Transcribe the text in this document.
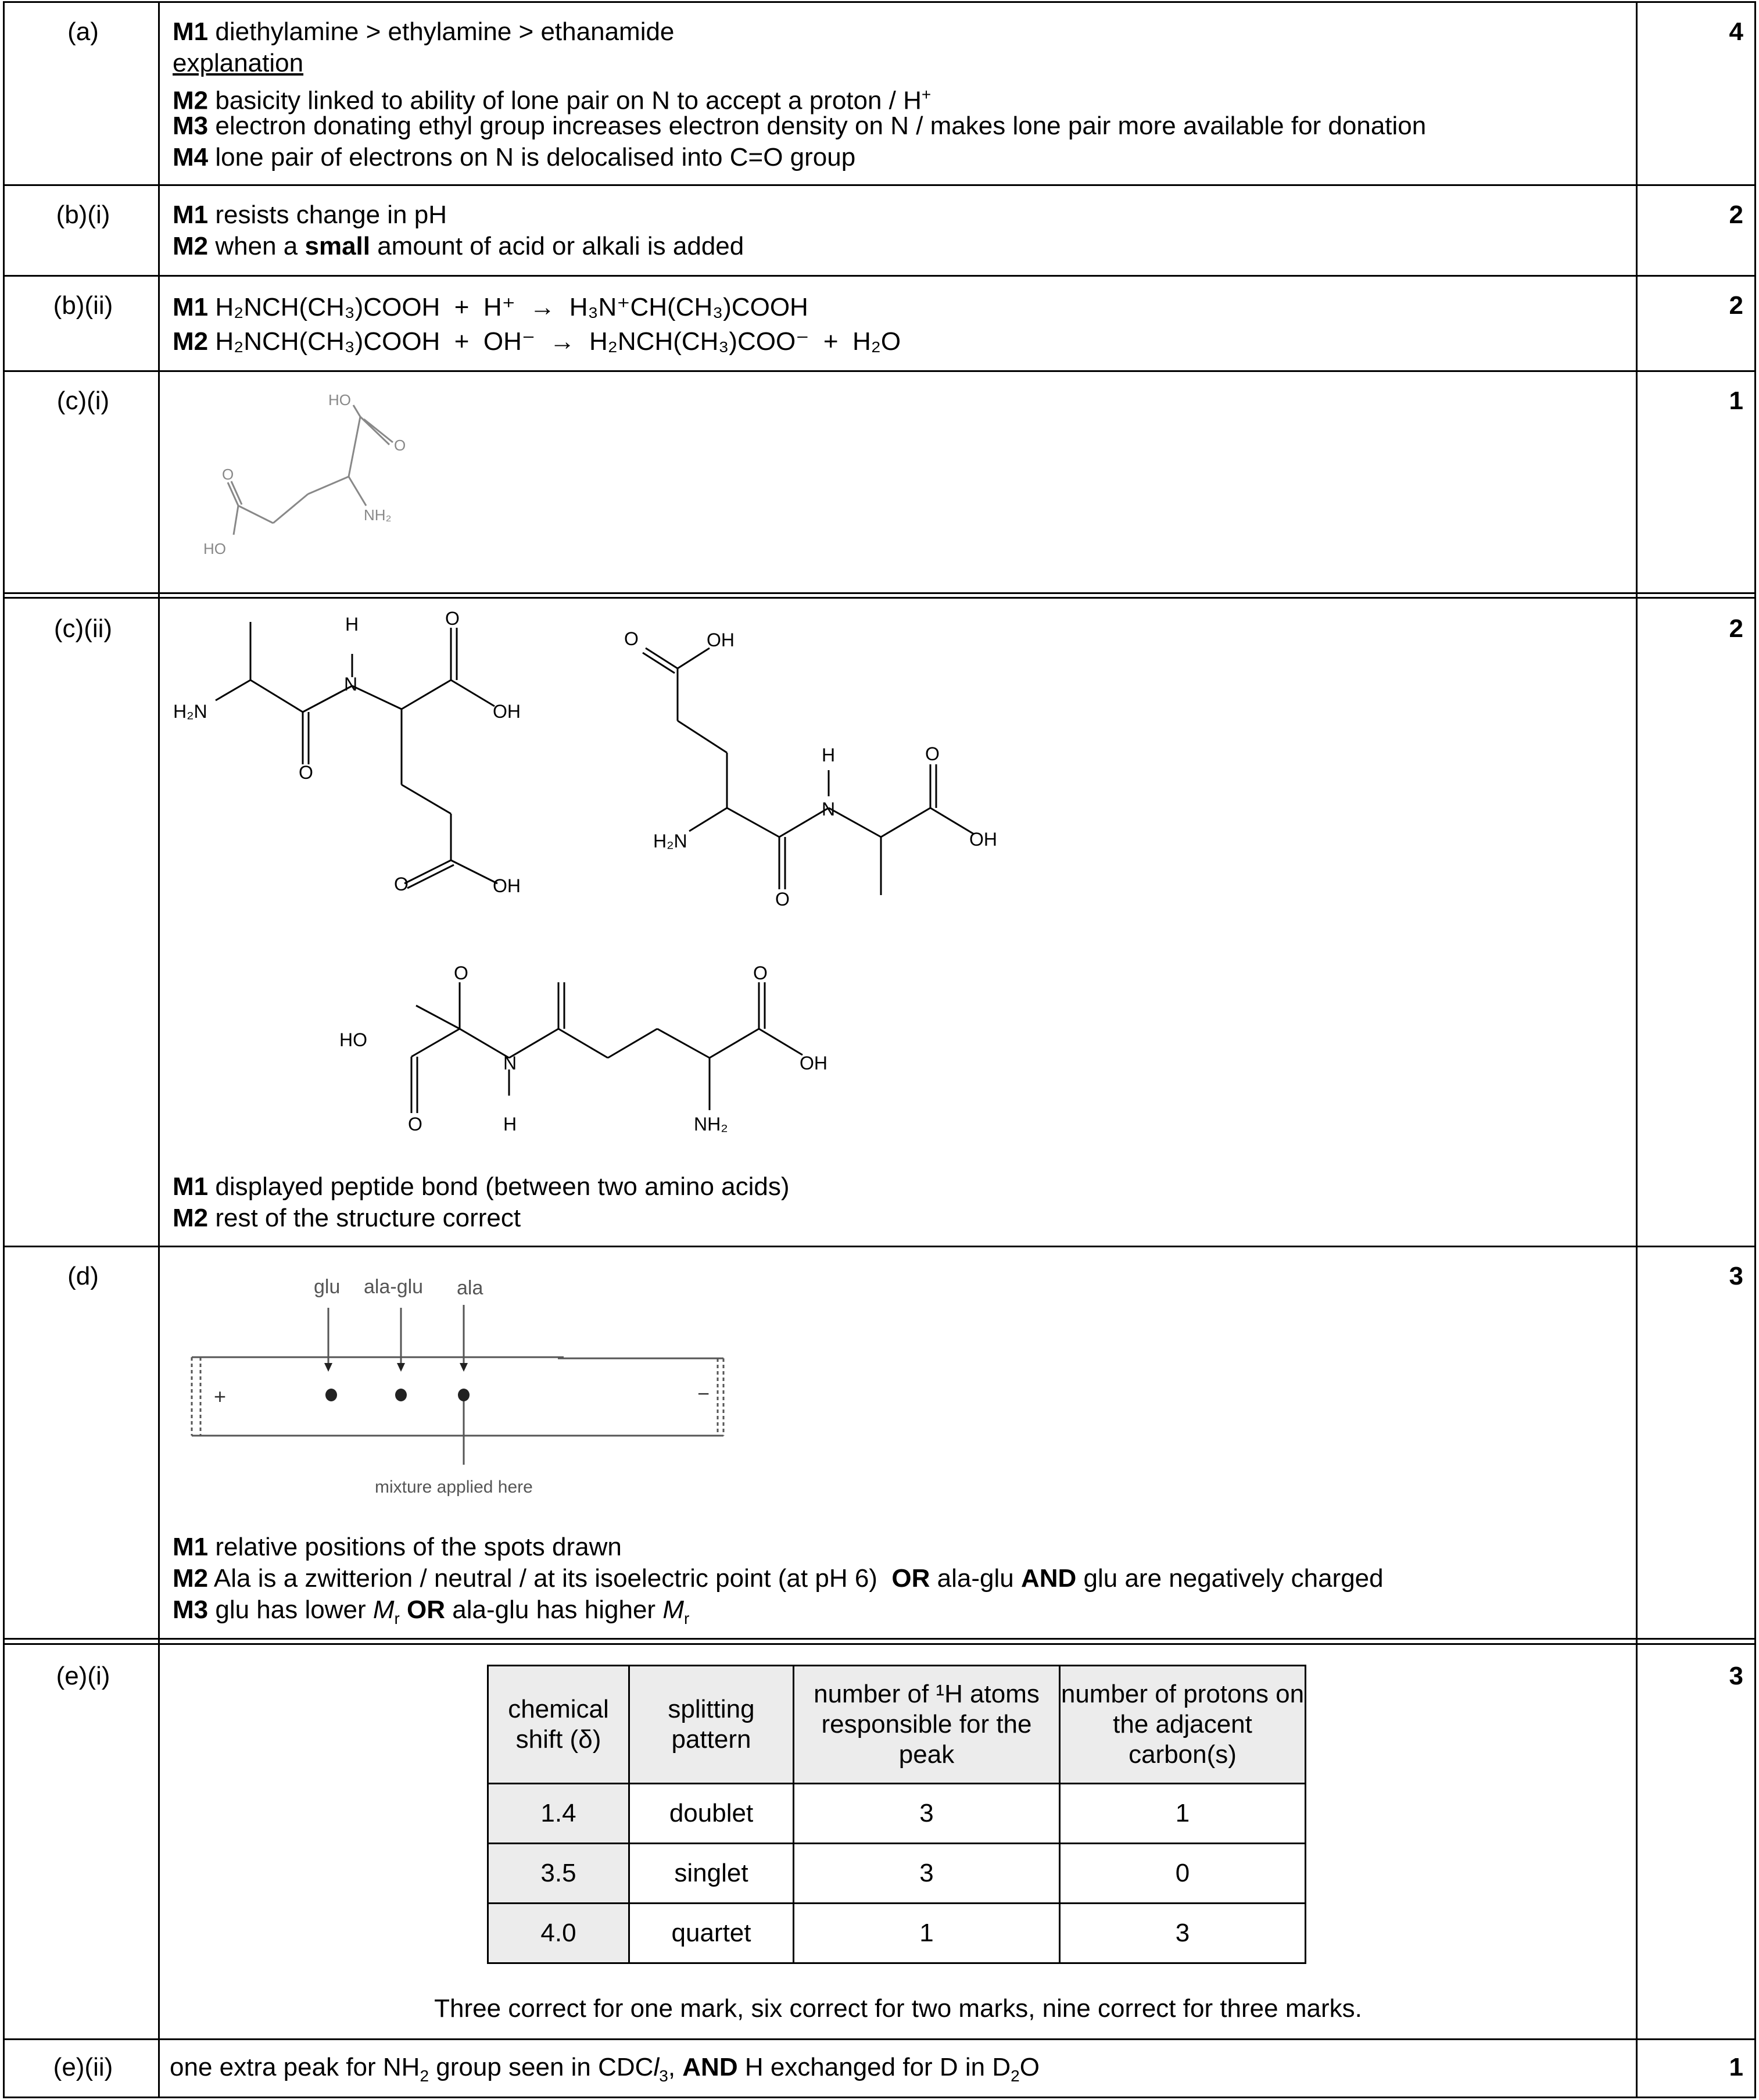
(a)	4
M1 diethylamine > ethylamine > ethanamide
explanation
M2 basicity linked to ability of lone pair on N to accept a proton / H+
M3 electron donating ethyl group increases electron density on N / makes lone pair more available for donation
M4 lone pair of electrons on N is delocalised into C=O group
(b)(i)	2
M1 resists change in pH
M2 when a small amount of acid or alkali is added
(b)(ii)	2
M1 H₂NCH(CH₃)COOH  +  H⁺  →  H₃N⁺CH(CH₃)COOH
M2 H₂NCH(CH₃)COOH  +  OH⁻  →  H₂NCH(CH₃)COO⁻  +  H₂O
(c)(i)	1
HO
O
O
HO
NH₂
(c)(ii)	2
H₂N
H
N
O
O
OH
O	OH
O	OH
H
N
O
H₂N
O
OH
O	O
HO
N	OH
O	H	NH₂
M1 displayed peptide bond (between two amino acids)
M2 rest of the structure correct
(d)	3
glu ala-glu ala
+	−
mixture applied here
M1 relative positions of the spots drawn
M2 Ala is a zwitterion / neutral / at its isoelectric point (at pH 6)  OR ala-glu AND glu are negatively charged
M3 glu has lower $M_r$ OR ala-glu has higher $M_r$
(e)(i)	3
chemical shift (δ)	splitting pattern	number of ¹H atoms responsible for the peak	number of protons on the adjacent carbon(s)
1.4	doublet	3	1
3.5	singlet	3	0
4.0	quartet	1	3
Three correct for one mark, six correct for two marks, nine correct for three marks.
(e)(ii)	1
one extra peak for $NH_2$ group seen in CDCl$_3$, AND H exchanged for D in $D_2O$
